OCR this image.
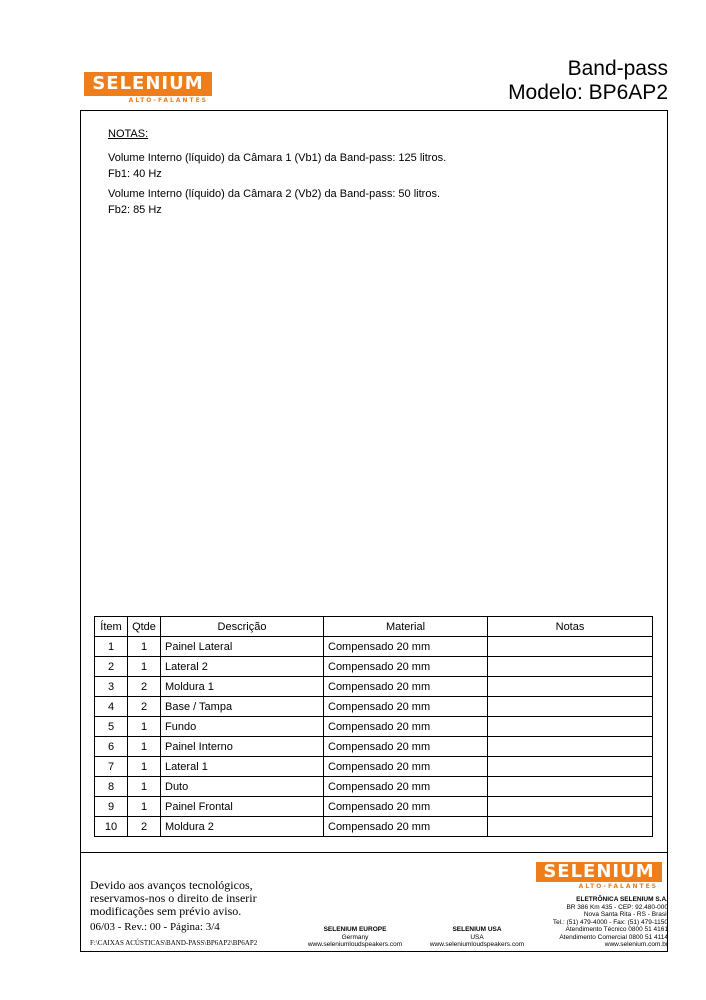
SELENIUM
ALTO-FALANTES
Band-pass
Modelo: BP6AP2
NOTAS:

Volume Interno (líquido) da Câmara 1 (Vb1) da Band-pass: 125 litros.
Fb1: 40 Hz

Volume Interno (líquido) da Câmara 2 (Vb2) da Band-pass: 50 litros.
Fb2: 85 Hz

Ítem	Qtde	Descrição	Material	Notas
1	1	Painel Lateral	Compensado 20 mm	
2	1	Lateral 2	Compensado 20 mm	
3	2	Moldura 1	Compensado 20 mm	
4	2	Base / Tampa	Compensado 20 mm	
5	1	Fundo	Compensado 20 mm	
6	1	Painel Interno	Compensado 20 mm	
7	1	Lateral 1	Compensado 20 mm	
8	1	Duto	Compensado 20 mm	
9	1	Painel Frontal	Compensado 20 mm	
10	2	Moldura 2	Compensado 20 mm	
Devido aos avanços tecnológicos,
reservamos-nos o direito de inserir
modificações sem prévio aviso.
06/03 - Rev.: 00 - Página: 3/4
F:\CAIXAS ACÚSTICAS\BAND-PASS\BP6AP2\BP6AP2
SELENIUM EUROPE
Germany
www.seleniumloudspeakers.com
SELENIUM USA
USA
www.seleniumloudspeakers.com
SELENIUM
ALTO-FALANTES
ELETRÔNICA SELENIUM S.A.
BR 386 Km 435 - CEP: 92.480-000
Nova Santa Rita - RS - Brasil
Tel.: (51) 479-4000 - Fax: (51) 479-1150
Atendimento Técnico 0800 51 4161
Atendimento Comercial 0800 51 4114
www.selenium.com.br
